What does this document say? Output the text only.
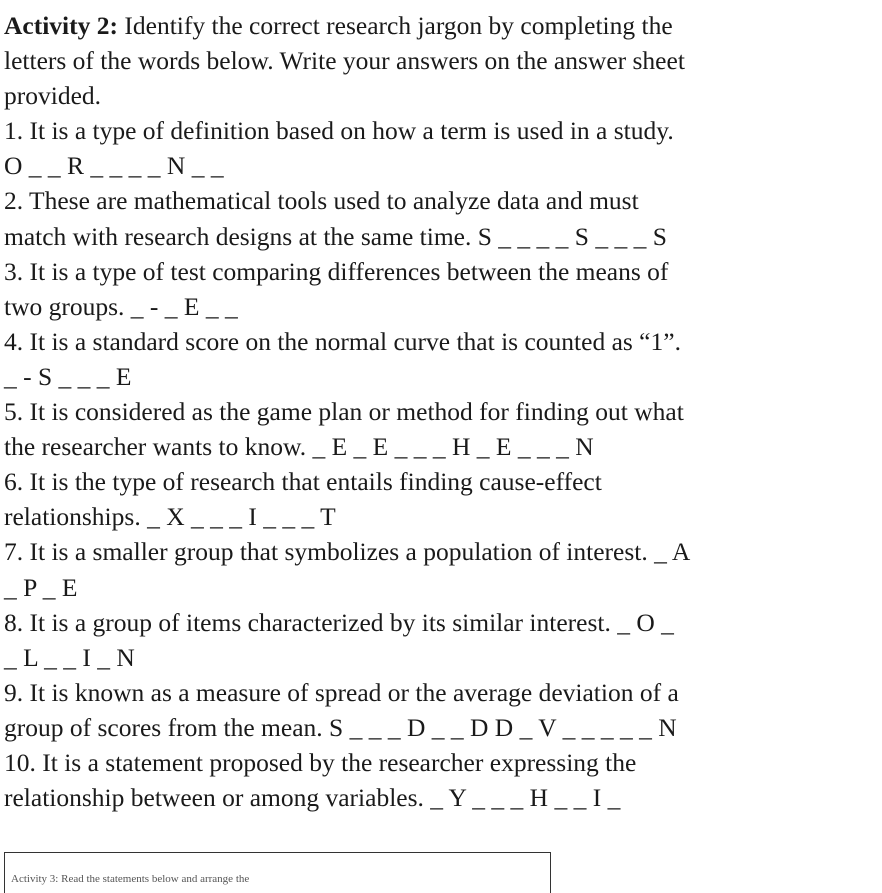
Activity 2: Identify the correct research jargon by completing the
letters of the words below. Write your answers on the answer sheet
provided.
1. It is a type of definition based on how a term is used in a study.
O _ _ R _ _ _ _ N _ _
2. These are mathematical tools used to analyze data and must
match with research designs at the same time. S _ _ _ _ S _ _ _ S
3. It is a type of test comparing differences between the means of
two groups. _ - _ E _ _
4. It is a standard score on the normal curve that is counted as “1”.
_ - S _ _ _ E
5. It is considered as the game plan or method for finding out what
the researcher wants to know. _ E _ E _ _ _ H _ E _ _ _ N
6. It is the type of research that entails finding cause-effect
relationships. _ X _ _ _ I _ _ _ T
7. It is a smaller group that symbolizes a population of interest. _ A
_ P _ E
8. It is a group of items characterized by its similar interest. _ O _
_ L _ _ I _ N
9. It is known as a measure of spread or the average deviation of a
group of scores from the mean. S _ _ _ D _ _ D D _ V _ _ _ _ _ N
10. It is a statement proposed by the researcher expressing the
relationship between or among variables. _ Y _ _ _ H _ _ I _
Activity 3: Read the statements below and arrange the
